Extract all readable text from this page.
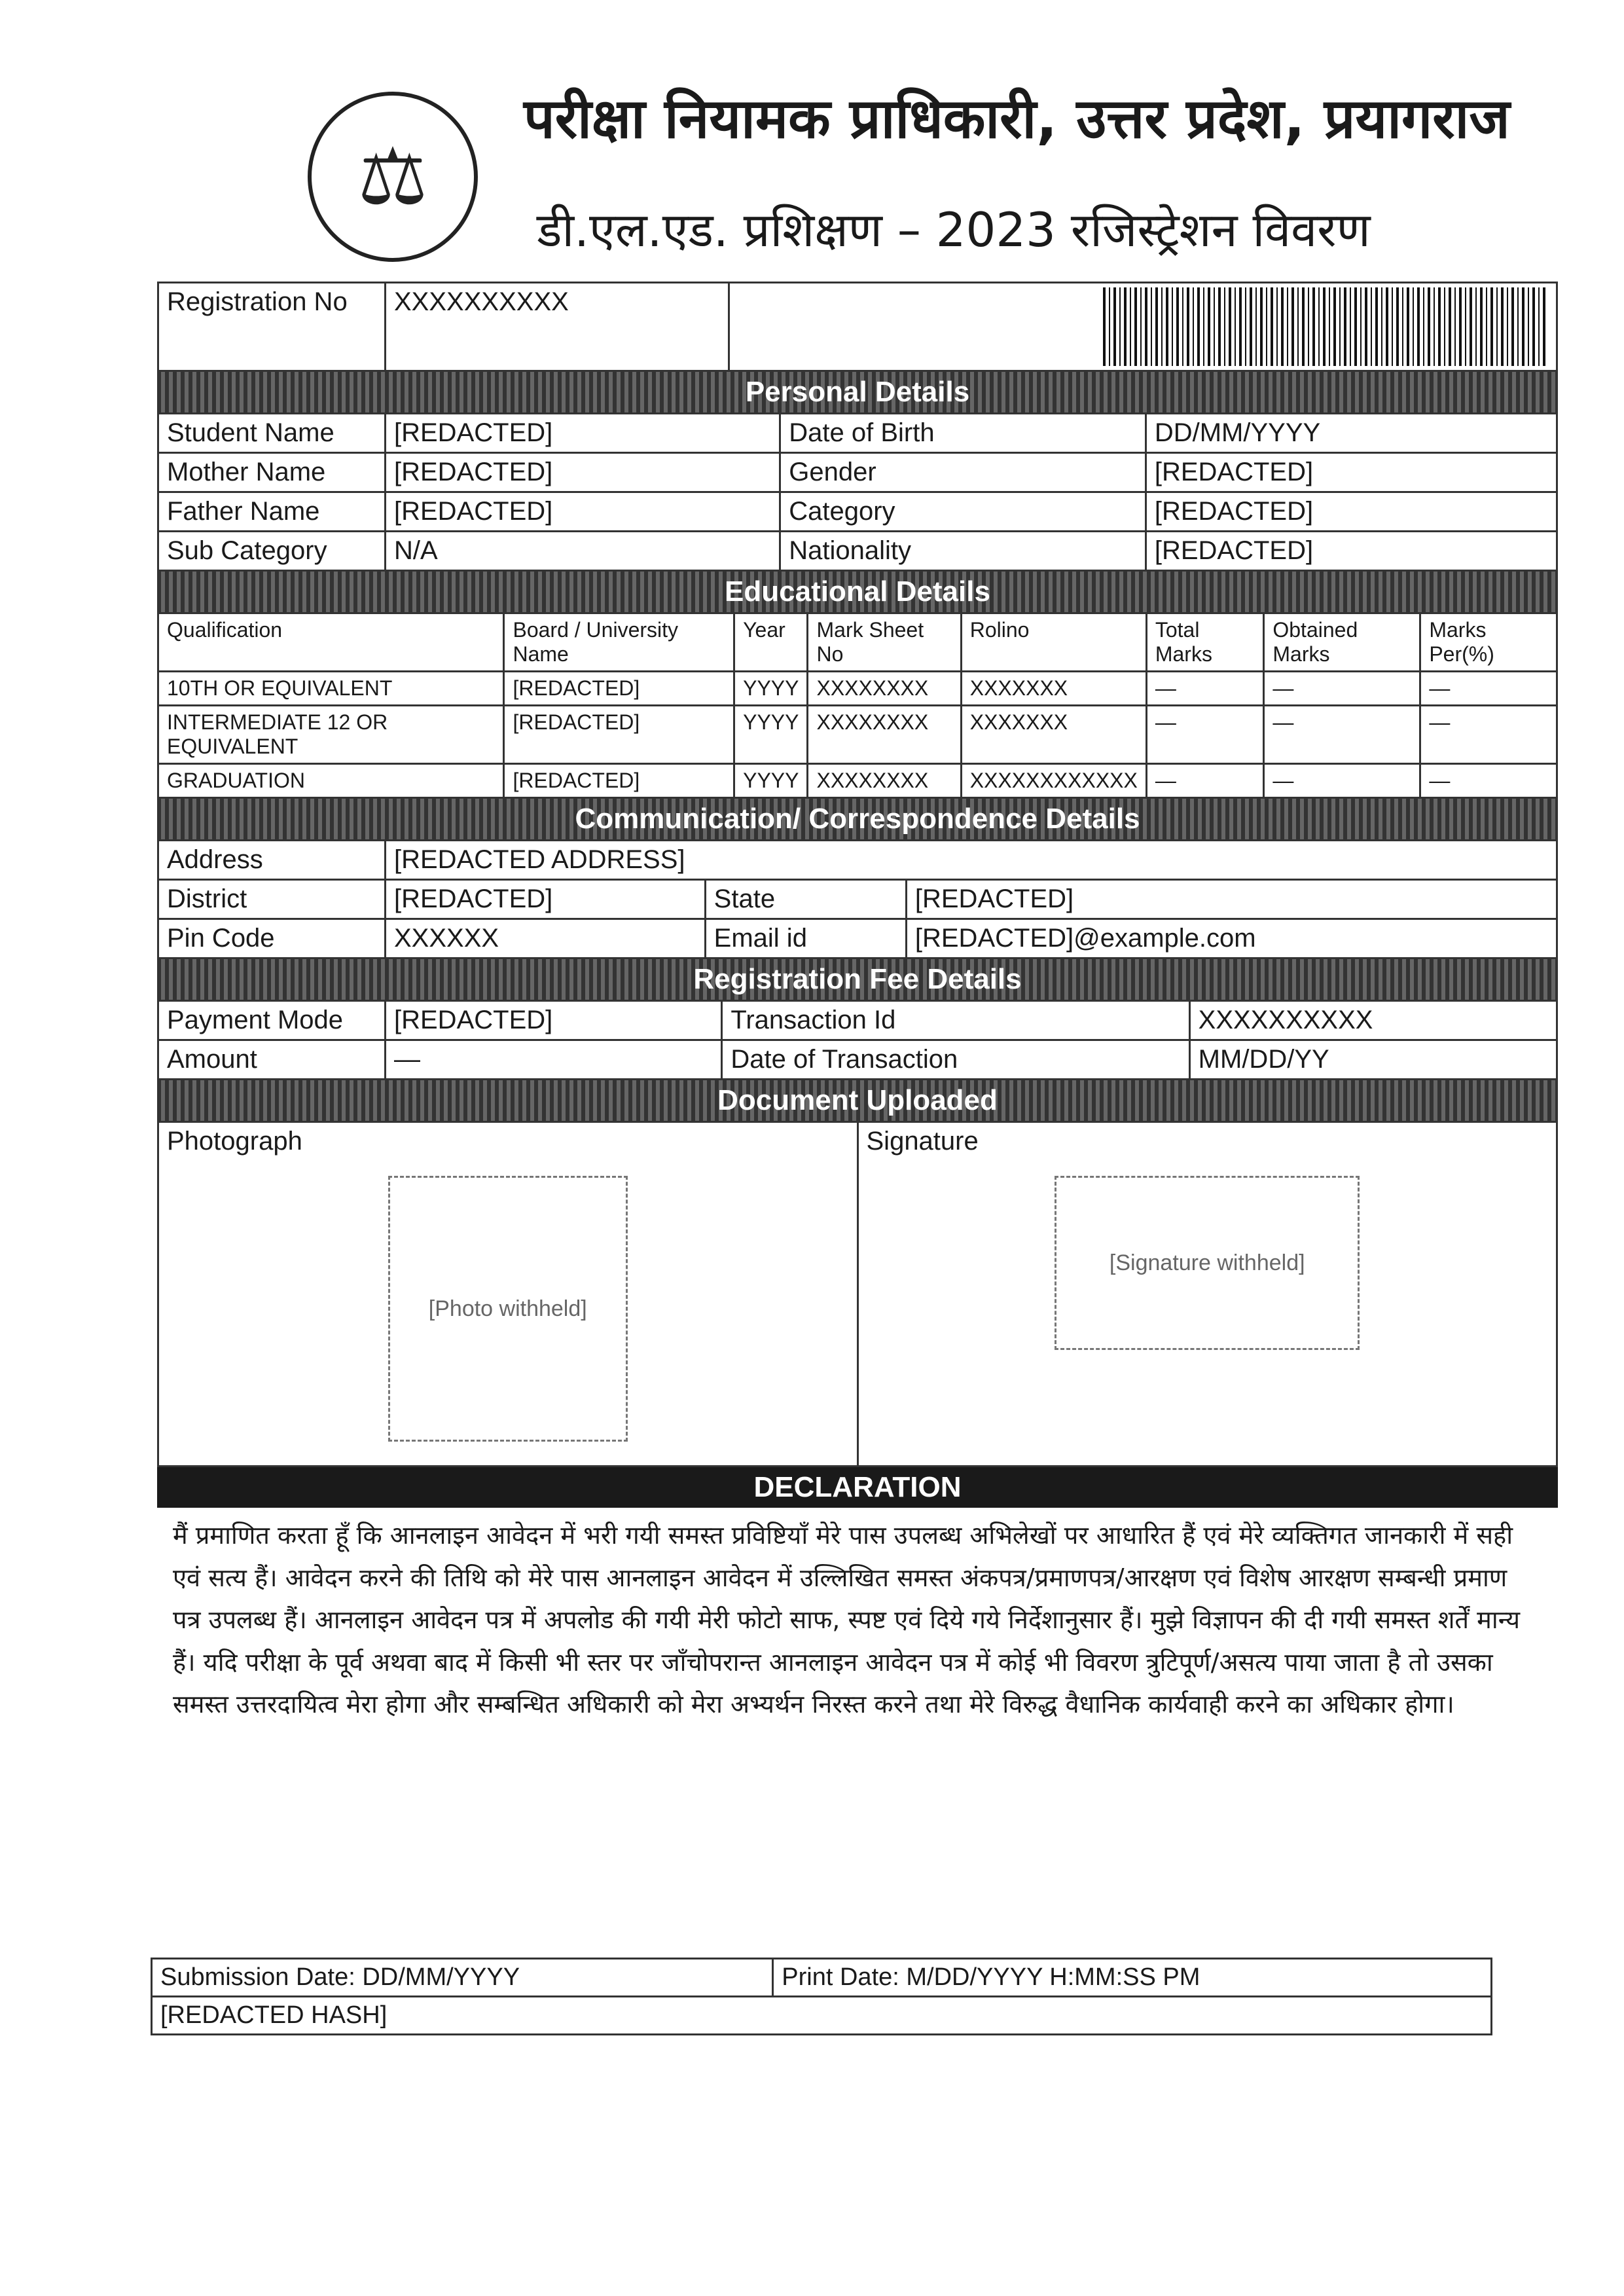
⚖
परीक्षा नियामक प्राधिकारी, उत्तर प्रदेश, प्रयागराज
डी.एल.एड. प्रशिक्षण – 2023 रजिस्ट्रेशन विवरण
Registration No	XXXXXXXXXX	
Personal Details
Student Name	[REDACTED]	Date of Birth	DD/MM/YYYY
Mother Name	[REDACTED]	Gender	[REDACTED]
Father Name	[REDACTED]	Category	[REDACTED]
Sub Category	N/A	Nationality	[REDACTED]
Educational Details
Qualification	Board / University Name	Year	Mark Sheet No	Rolino	Total Marks	Obtained Marks	Marks Per(%)
10TH OR EQUIVALENT	[REDACTED]	YYYY	XXXXXXXX	XXXXXXX	—	—	—
INTERMEDIATE 12 OR EQUIVALENT	[REDACTED]	YYYY	XXXXXXXX	XXXXXXX	—	—	—
GRADUATION	[REDACTED]	YYYY	XXXXXXXX	XXXXXXXXXXXX	—	—	—
Communication/ Correspondence Details
Address	[REDACTED ADDRESS]		
District	[REDACTED]	State	[REDACTED]
Pin Code	XXXXXX	Email id	[REDACTED]@example.com
Registration Fee Details
Payment Mode	[REDACTED]	Transaction Id	XXXXXXXXXX
Amount	—	Date of Transaction	MM/DD/YY
Document Uploaded
Photograph
[Photo withheld]

Signature
[Signature withheld]
DECLARATION
मैं प्रमाणित करता हूँ कि आनलाइन आवेदन में भरी गयी समस्त प्रविष्टियाँ मेरे पास उपलब्ध अभिलेखों पर आधारित हैं एवं मेरे व्यक्तिगत जानकारी में सही एवं सत्य हैं। आवेदन करने की तिथि को मेरे पास आनलाइन आवेदन में उल्लिखित समस्त अंकपत्र/प्रमाणपत्र/आरक्षण एवं विशेष आरक्षण सम्बन्धी प्रमाण पत्र उपलब्ध हैं। आनलाइन आवेदन पत्र में अपलोड की गयी मेरी फोटो साफ, स्पष्ट एवं दिये गये निर्देशानुसार हैं। मुझे विज्ञापन की दी गयी समस्त शर्तें मान्य हैं। यदि परीक्षा के पूर्व अथवा बाद में किसी भी स्तर पर जाँचोपरान्त आनलाइन आवेदन पत्र में कोई भी विवरण त्रुटिपूर्ण/असत्य पाया जाता है तो उसका समस्त उत्तरदायित्व मेरा होगा और सम्बन्धित अधिकारी को मेरा अभ्यर्थन निरस्त करने तथा मेरे विरुद्ध वैधानिक कार्यवाही करने का अधिकार होगा।
Submission Date: DD/MM/YYYY	Print Date: M/DD/YYYY H:MM:SS PM
[REDACTED HASH]
